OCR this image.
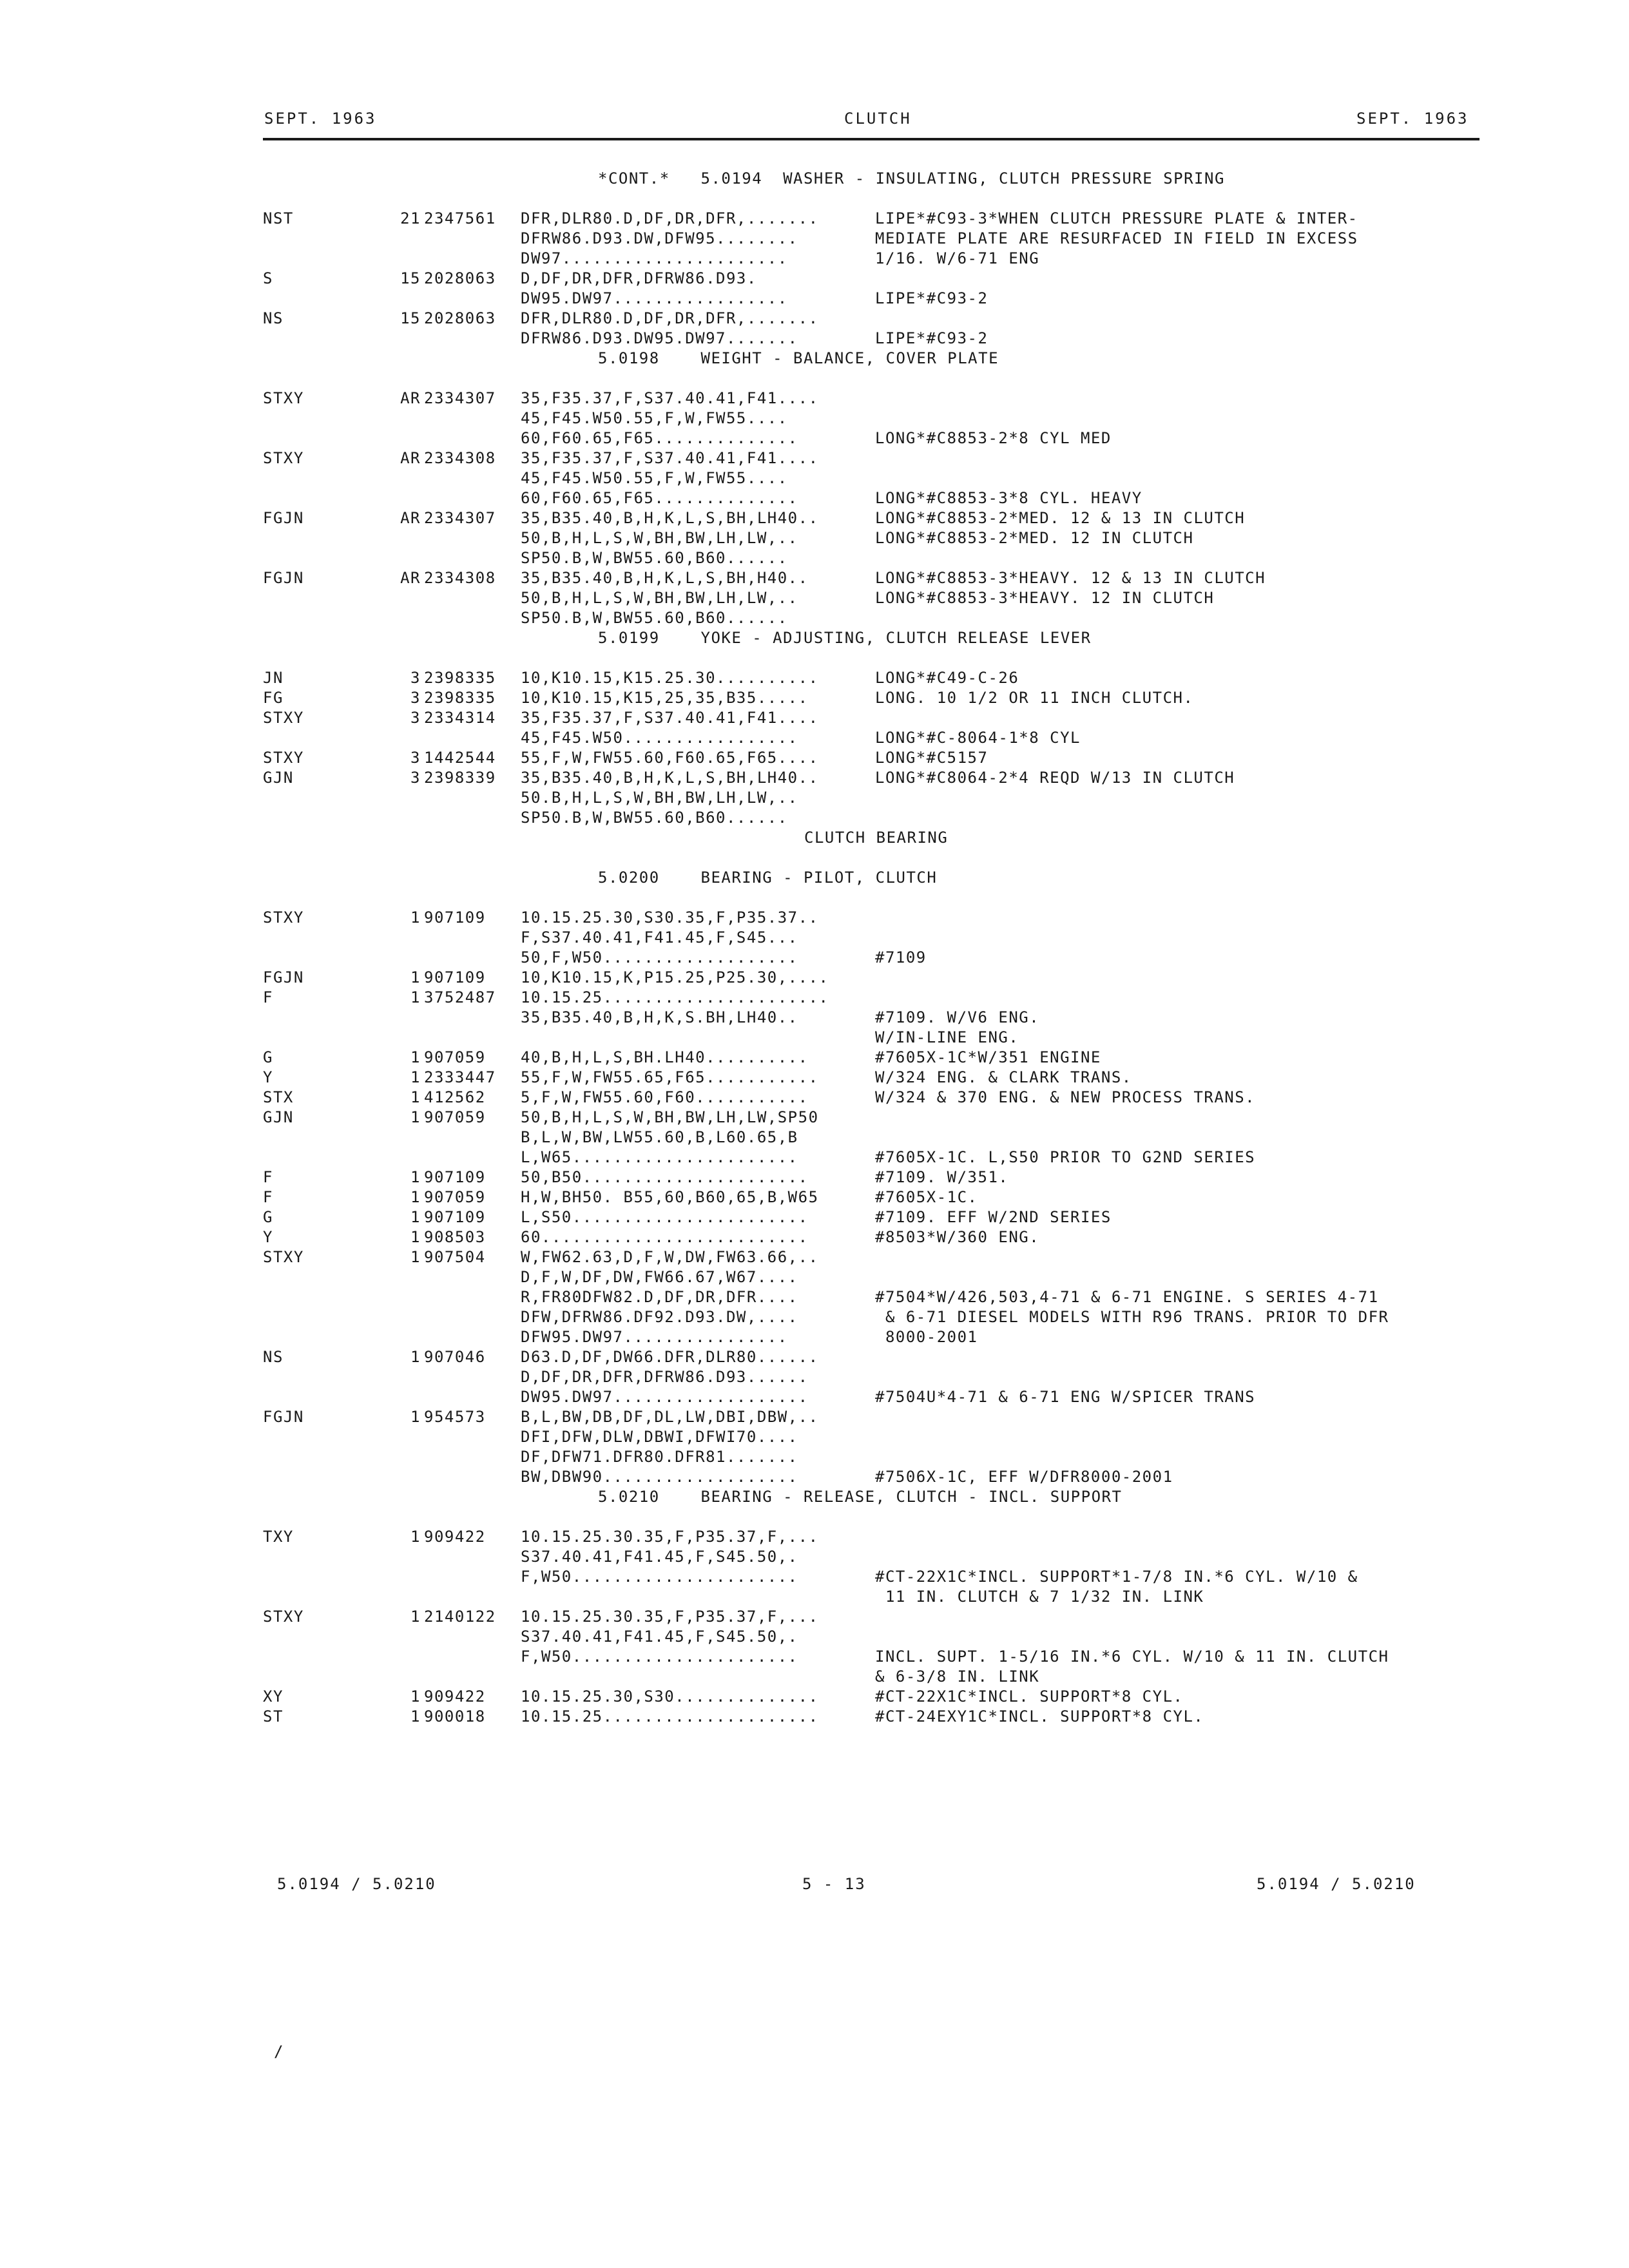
SEPT. 1963	CLUTCH	SEPT. 1963
*CONT.*   5.0194  WASHER - INSULATING, CLUTCH PRESSURE SPRING
NST	21 2347561 DFR,DLR80.D,DF,DR,DFR,.......	LIPE*#C93-3*WHEN CLUTCH PRESSURE PLATE & INTER-
DFRW86.D93.DW,DFW95........	MEDIATE PLATE ARE RESURFACED IN FIELD IN EXCESS
DW97......................	1/16. W/6-71 ENG
S	15 2028063 D,DF,DR,DFR,DFRW86.D93.
DW95.DW97.................	LIPE*#C93-2
NS	15 2028063 DFR,DLR80.D,DF,DR,DFR,.......
DFRW86.D93.DW95.DW97.......	LIPE*#C93-2
5.0198    WEIGHT - BALANCE, COVER PLATE
STXY	AR 2334307 35,F35.37,F,S37.40.41,F41....
45,F45.W50.55,F,W,FW55....
60,F60.65,F65..............	LONG*#C8853-2*8 CYL MED
STXY	AR 2334308 35,F35.37,F,S37.40.41,F41....
45,F45.W50.55,F,W,FW55....
60,F60.65,F65..............	LONG*#C8853-3*8 CYL. HEAVY
FGJN	AR 2334307 35,B35.40,B,H,K,L,S,BH,LH40..	LONG*#C8853-2*MED. 12 & 13 IN CLUTCH
50,B,H,L,S,W,BH,BW,LH,LW,..	LONG*#C8853-2*MED. 12 IN CLUTCH
SP50.B,W,BW55.60,B60......
FGJN	AR 2334308 35,B35.40,B,H,K,L,S,BH,H40..	LONG*#C8853-3*HEAVY. 12 & 13 IN CLUTCH
50,B,H,L,S,W,BH,BW,LH,LW,..	LONG*#C8853-3*HEAVY. 12 IN CLUTCH
SP50.B,W,BW55.60,B60......
5.0199    YOKE - ADJUSTING, CLUTCH RELEASE LEVER
JN	3 2398335 10,K10.15,K15.25.30..........	LONG*#C49-C-26
FG	3 2398335 10,K10.15,K15,25,35,B35.....	LONG. 10 1/2 OR 11 INCH CLUTCH.
STXY	3 2334314 35,F35.37,F,S37.40.41,F41....
45,F45.W50.................	LONG*#C-8064-1*8 CYL
STXY	3 1442544 55,F,W,FW55.60,F60.65,F65....	LONG*#C5157
GJN	3 2398339 35,B35.40,B,H,K,L,S,BH,LH40..	LONG*#C8064-2*4 REQD W/13 IN CLUTCH
50.B,H,L,S,W,BH,BW,LH,LW,..
SP50.B,W,BW55.60,B60......
CLUTCH BEARING
5.0200    BEARING - PILOT, CLUTCH
STXY	1 907109 10.15.25.30,S30.35,F,P35.37..
F,S37.40.41,F41.45,F,S45...
50,F,W50...................	#7109
FGJN	1 907109 10,K10.15,K,P15.25,P25.30,....
F	1 3752487 10.15.25......................
35,B35.40,B,H,K,S.BH,LH40..	#7109. W/V6 ENG.
W/IN-LINE ENG.
G	1 907059 40,B,H,L,S,BH.LH40..........	#7605X-1C*W/351 ENGINE
Y	1 2333447 55,F,W,FW55.65,F65...........	W/324 ENG. & CLARK TRANS.
STX	1 412562 5,F,W,FW55.60,F60...........	W/324 & 370 ENG. & NEW PROCESS TRANS.
GJN	1 907059 50,B,H,L,S,W,BH,BW,LH,LW,SP50
B,L,W,BW,LW55.60,B,L60.65,B
L,W65......................	#7605X-1C. L,S50 PRIOR TO G2ND SERIES
F	1 907109 50,B50......................	#7109. W/351.
F	1 907059 H,W,BH50. B55,60,B60,65,B,W65	#7605X-1C.
G	1 907109 L,S50.......................	#7109. EFF W/2ND SERIES
Y	1 908503 60..........................	#8503*W/360 ENG.
STXY	1 907504 W,FW62.63,D,F,W,DW,FW63.66,..
D,F,W,DF,DW,FW66.67,W67....
R,FR80DFW82.D,DF,DR,DFR....	#7504*W/426,503,4-71 & 6-71 ENGINE. S SERIES 4-71
DFW,DFRW86.DF92.D93.DW,....	& 6-71 DIESEL MODELS WITH R96 TRANS. PRIOR TO DFR
DFW95.DW97................	8000-2001
NS	1 907046 D63.D,DF,DW66.DFR,DLR80......
D,DF,DR,DFR,DFRW86.D93......
DW95.DW97...................	#7504U*4-71 & 6-71 ENG W/SPICER TRANS
FGJN	1 954573 B,L,BW,DB,DF,DL,LW,DBI,DBW,..
DFI,DFW,DLW,DBWI,DFWI70....
DF,DFW71.DFR80.DFR81.......
BW,DBW90...................	#7506X-1C, EFF W/DFR8000-2001
5.0210    BEARING - RELEASE, CLUTCH - INCL. SUPPORT
TXY	1 909422 10.15.25.30.35,F,P35.37,F,...
S37.40.41,F41.45,F,S45.50,.
F,W50......................	#CT-22X1C*INCL. SUPPORT*1-7/8 IN.*6 CYL. W/10 &
11 IN. CLUTCH & 7 1/32 IN. LINK
STXY	1 2140122 10.15.25.30.35,F,P35.37,F,...
S37.40.41,F41.45,F,S45.50,.
F,W50......................	INCL. SUPT. 1-5/16 IN.*6 CYL. W/10 & 11 IN. CLUTCH
& 6-3/8 IN. LINK
XY	1 909422 10.15.25.30,S30..............	#CT-22X1C*INCL. SUPPORT*8 CYL.
ST	1 900018 10.15.25.....................	#CT-24EXY1C*INCL. SUPPORT*8 CYL.
5.0194 / 5.0210	5 - 13	5.0194 / 5.0210
/
